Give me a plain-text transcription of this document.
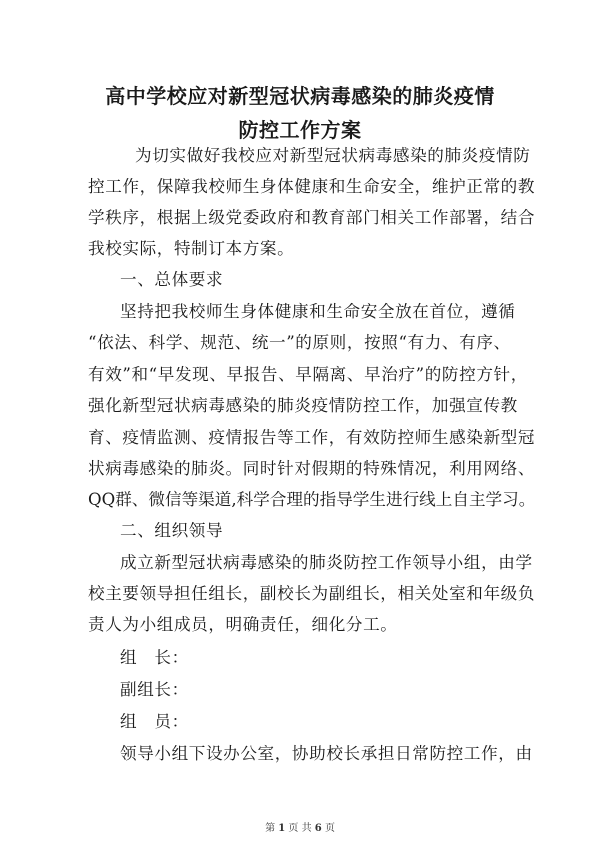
高中学校应对新型冠状病毒感染的肺炎疫情
防控工作方案
为切实做好我校应对新型冠状病毒感染的肺炎疫情防
控工作，保障我校师生身体健康和生命安全，维护正常的教
学秩序，根据上级党委政府和教育部门相关工作部署，结合
我校实际，特制订本方案。
一、总体要求
坚持把我校师生身体健康和生命安全放在首位，遵循
“依法、科学、规范、统一”的原则，按照“有力、有序、
有效”和“早发现、早报告、早隔离、早治疗”的防控方针，
强化新型冠状病毒感染的肺炎疫情防控工作，加强宣传教
育、疫情监测、疫情报告等工作，有效防控师生感染新型冠
状病毒感染的肺炎。同时针对假期的特殊情况，利用网络、
QQ群、微信等渠道,科学合理的指导学生进行线上自主学习。
二、组织领导
成立新型冠状病毒感染的肺炎防控工作领导小组，由学
校主要领导担任组长，副校长为副组长，相关处室和年级负
责人为小组成员，明确责任，细化分工。
组　长：
副组长：
组　员：
领导小组下设办公室，协助校长承担日常防控工作，由
第 1 页 共 6 页
